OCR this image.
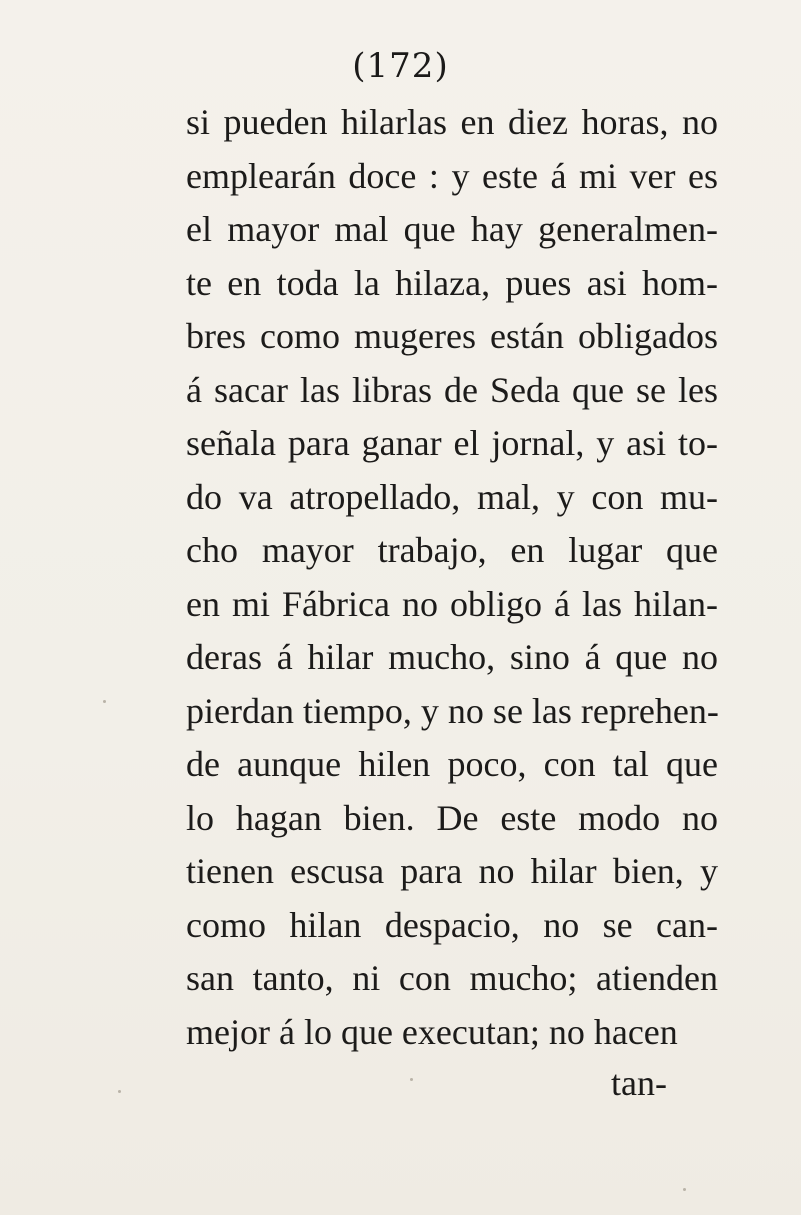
(172)
si pueden hilarlas en diez horas, no
emplearán doce : y este á mi ver es
el mayor mal que hay generalmen-
te en toda la hilaza, pues asi hom-
bres como mugeres están obligados
á sacar las libras de Seda que se les
señala para ganar el jornal, y asi to-
do va atropellado, mal, y con mu-
cho mayor trabajo, en lugar que
en mi Fábrica no obligo á las hilan-
deras á hilar mucho, sino á que no
pierdan tiempo, y no se las reprehen-
de aunque hilen poco, con tal que
lo hagan bien. De este modo no
tienen escusa para no hilar bien, y
como hilan despacio, no se can-
san tanto, ni con mucho; atienden
mejor á lo que executan; no hacen
tan-
